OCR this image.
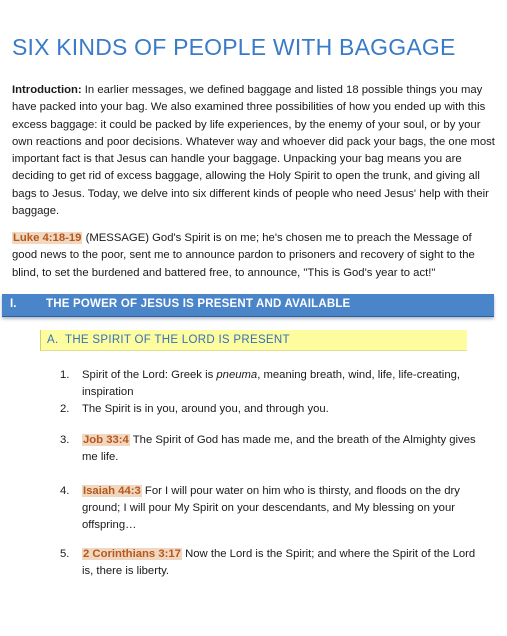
SIX KINDS OF PEOPLE WITH BAGGAGE
Introduction: In earlier messages, we defined baggage and listed 18 possible things you may have packed into your bag. We also examined three possibilities of how you ended up with this excess baggage: it could be packed by life experiences, by the enemy of your soul, or by your own reactions and poor decisions. Whatever way and whoever did pack your bags, the one most important fact is that Jesus can handle your baggage. Unpacking your bag means you are deciding to get rid of excess baggage, allowing the Holy Spirit to open the trunk, and giving all bags to Jesus. Today, we delve into six different kinds of people who need Jesus' help with their baggage.
Luke 4:18-19 (MESSAGE) God's Spirit is on me; he's chosen me to preach the Message of good news to the poor, sent me to announce pardon to prisoners and recovery of sight to the blind, to set the burdened and battered free, to announce, "This is God's year to act!"
I.	THE POWER OF JESUS IS PRESENT AND AVAILABLE
A. THE SPIRIT OF THE LORD IS PRESENT
1. Spirit of the Lord: Greek is pneuma, meaning breath, wind, life, life-creating, inspiration
2. The Spirit is in you, around you, and through you.
3. Job 33:4 The Spirit of God has made me, and the breath of the Almighty gives me life.
4. Isaiah 44:3 For I will pour water on him who is thirsty, and floods on the dry ground; I will pour My Spirit on your descendants, and My blessing on your offspring…
5. 2 Corinthians 3:17 Now the Lord is the Spirit; and where the Spirit of the Lord is, there is liberty.
